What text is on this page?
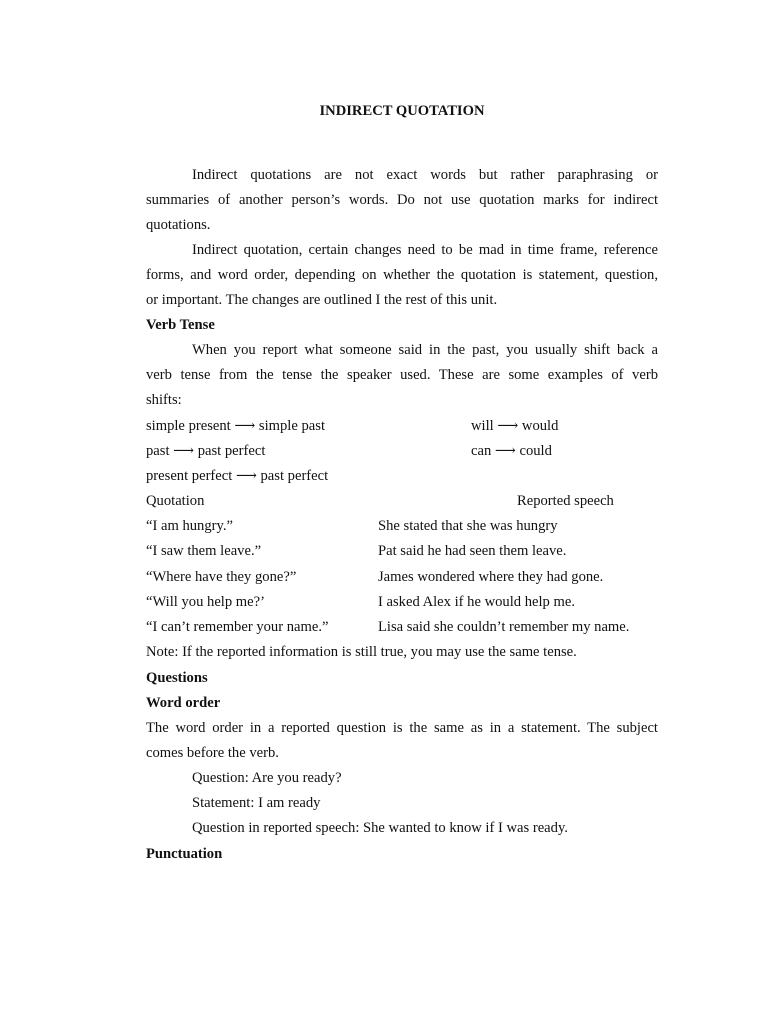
INDIRECT QUOTATION
Indirect quotations are not exact words but rather paraphrasing or
summaries of another person’s words. Do not use quotation marks for indirect
quotations.
Indirect quotation, certain changes need to be mad in time frame, reference
forms, and word order, depending on whether the quotation is statement, question,
or important. The changes are outlined I the rest of this unit.
Verb Tense
When you report what someone said in the past, you usually shift back a
verb tense from the tense the speaker used. These are some examples of verb
shifts:
simple present ⟶ simple past	will ⟶ would
past ⟶ past perfect	can ⟶ could
present perfect ⟶ past perfect
Quotation	Reported speech
“I am hungry.”	She stated that she was hungry
“I saw them leave.”	Pat said he had seen them leave.
“Where have they gone?”	James wondered where they had gone.
“Will you help me?’	I asked Alex if he would help me.
“I can’t remember your name.”	Lisa said she couldn’t remember my name.
Note: If the reported information is still true, you may use the same tense.
Questions
Word order
The word order in a reported question is the same as in a statement. The subject
comes before the verb.
Question: Are you ready?
Statement: I am ready
Question in reported speech: She wanted to know if I was ready.
Punctuation
